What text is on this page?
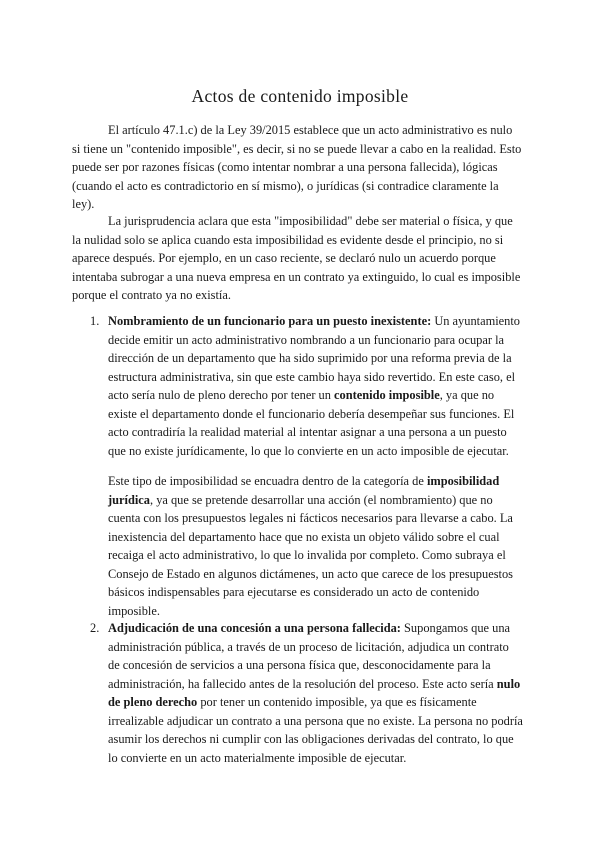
Actos de contenido imposible

El artículo 47.1.c) de la Ley 39/2015 establece que un acto administrativo es nulo si tiene un "contenido imposible", es decir, si no se puede llevar a cabo en la realidad. Esto puede ser por razones físicas (como intentar nombrar a una persona fallecida), lógicas (cuando el acto es contradictorio en sí mismo), o jurídicas (si contradice claramente la ley).

La jurisprudencia aclara que esta "imposibilidad" debe ser material o física, y que la nulidad solo se aplica cuando esta imposibilidad es evidente desde el principio, no si aparece después. Por ejemplo, en un caso reciente, se declaró nulo un acuerdo porque intentaba subrogar a una nueva empresa en un contrato ya extinguido, lo cual es imposible porque el contrato ya no existía.

1. Nombramiento de un funcionario para un puesto inexistente: Un ayuntamiento decide emitir un acto administrativo nombrando a un funcionario para ocupar la dirección de un departamento que ha sido suprimido por una reforma previa de la estructura administrativa, sin que este cambio haya sido revertido. En este caso, el acto sería nulo de pleno derecho por tener un contenido imposible, ya que no existe el departamento donde el funcionario debería desempeñar sus funciones. El acto contradiría la realidad material al intentar asignar a una persona a un puesto que no existe jurídicamente, lo que lo convierte en un acto imposible de ejecutar.

Este tipo de imposibilidad se encuadra dentro de la categoría de imposibilidad jurídica, ya que se pretende desarrollar una acción (el nombramiento) que no cuenta con los presupuestos legales ni fácticos necesarios para llevarse a cabo. La inexistencia del departamento hace que no exista un objeto válido sobre el cual recaiga el acto administrativo, lo que lo invalida por completo. Como subraya el Consejo de Estado en algunos dictámenes, un acto que carece de los presupuestos básicos indispensables para ejecutarse es considerado un acto de contenido imposible.

2. Adjudicación de una concesión a una persona fallecida: Supongamos que una administración pública, a través de un proceso de licitación, adjudica un contrato de concesión de servicios a una persona física que, desconocidamente para la administración, ha fallecido antes de la resolución del proceso. Este acto sería nulo de pleno derecho por tener un contenido imposible, ya que es físicamente irrealizable adjudicar un contrato a una persona que no existe. La persona no podría asumir los derechos ni cumplir con las obligaciones derivadas del contrato, lo que lo convierte en un acto materialmente imposible de ejecutar.
